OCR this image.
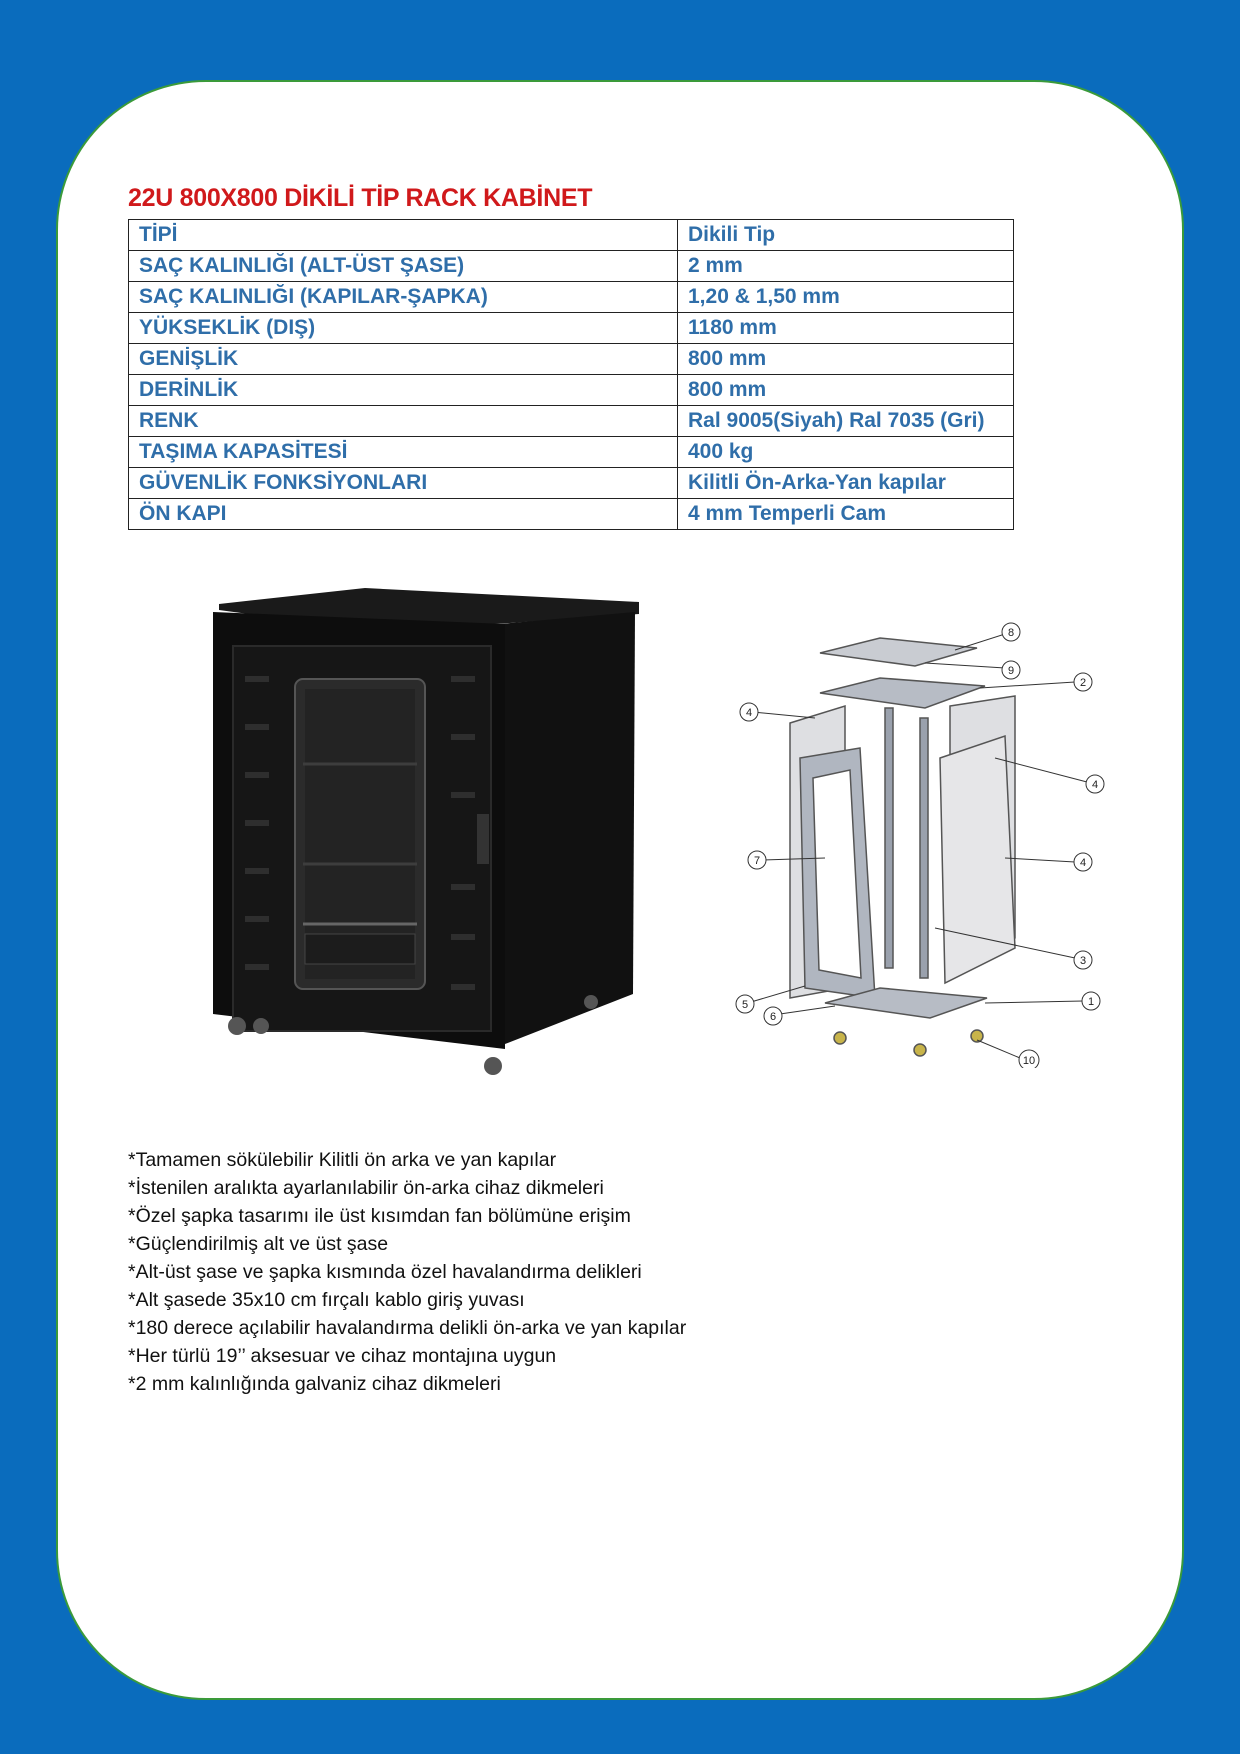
22U 800X800 DİKİLİ TİP RACK KABİNET
TİPİ	Dikili Tip
SAÇ KALINLIĞI (ALT-ÜST ŞASE)	2 mm
SAÇ KALINLIĞI (KAPILAR-ŞAPKA)	1,20 & 1,50 mm
YÜKSEKLİK (DIŞ)	1180 mm
GENİŞLİK	800 mm
DERİNLİK	800 mm
RENK	Ral 9005(Siyah) Ral 7035 (Gri)
TAŞIMA KAPASİTESİ	400 kg
GÜVENLİK FONKSİYONLARI	Kilitli Ön-Arka-Yan kapılar
ÖN KAPI	4 mm Temperli Cam
8
9
2
4
4
4
7
3
5
6
1
10
*Tamamen sökülebilir Kilitli ön arka ve yan kapılar
*İstenilen aralıkta ayarlanılabilir ön-arka cihaz dikmeleri
*Özel şapka tasarımı ile üst kısımdan fan bölümüne erişim
*Güçlendirilmiş alt ve üst şase
*Alt-üst şase ve şapka kısmında özel havalandırma delikleri
*Alt şasede 35x10 cm fırçalı kablo giriş yuvası
*180 derece açılabilir havalandırma delikli ön-arka ve yan kapılar
*Her türlü 19’’ aksesuar ve cihaz montajına uygun
*2 mm kalınlığında galvaniz cihaz dikmeleri
